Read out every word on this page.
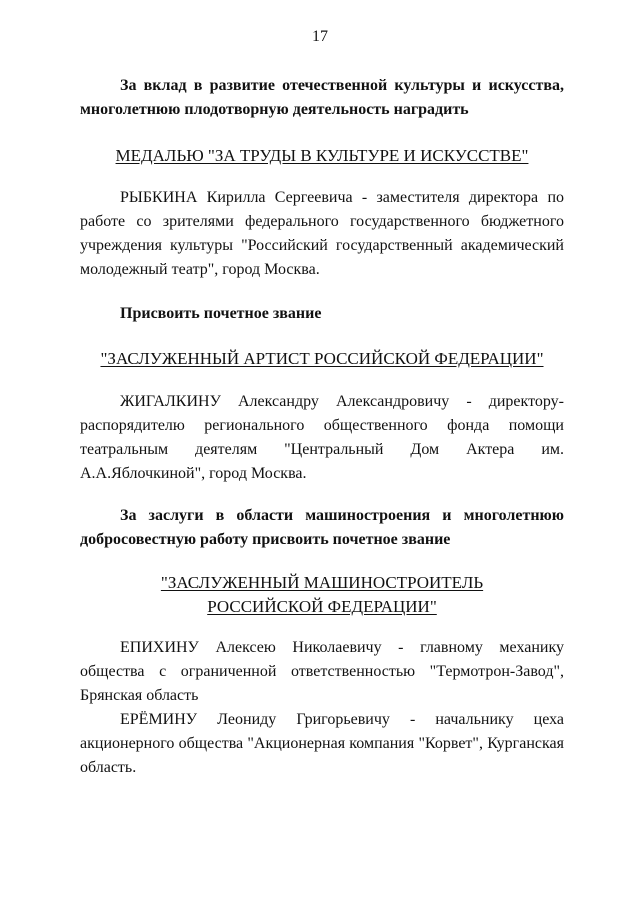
17
За вклад в развитие отечественной культуры и искусства, многолетнюю плодотворную деятельность наградить
МЕДАЛЬЮ "ЗА ТРУДЫ В КУЛЬТУРЕ И ИСКУССТВЕ"
РЫБКИНА Кирилла Сергеевича - заместителя директора по работе со зрителями федерального государственного бюджетного учреждения культуры "Российский государственный академический молодежный театр", город Москва.
Присвоить почетное звание
"ЗАСЛУЖЕННЫЙ АРТИСТ РОССИЙСКОЙ ФЕДЕРАЦИИ"
ЖИГАЛКИНУ Александру Александровичу - директору-распорядителю регионального общественного фонда помощи театральным деятелям "Центральный Дом Актера им. А.А.Яблочкиной", город Москва.
За заслуги в области машиностроения и многолетнюю добросовестную работу присвоить почетное звание
"ЗАСЛУЖЕННЫЙ МАШИНОСТРОИТЕЛЬ
РОССИЙСКОЙ ФЕДЕРАЦИИ"
ЕПИХИНУ Алексею Николаевичу - главному механику общества с ограниченной ответственностью "Термотрон-Завод", Брянская область
ЕРЁМИНУ Леониду Григорьевичу - начальнику цеха акционерного общества "Акционерная компания "Корвет", Курганская область.
